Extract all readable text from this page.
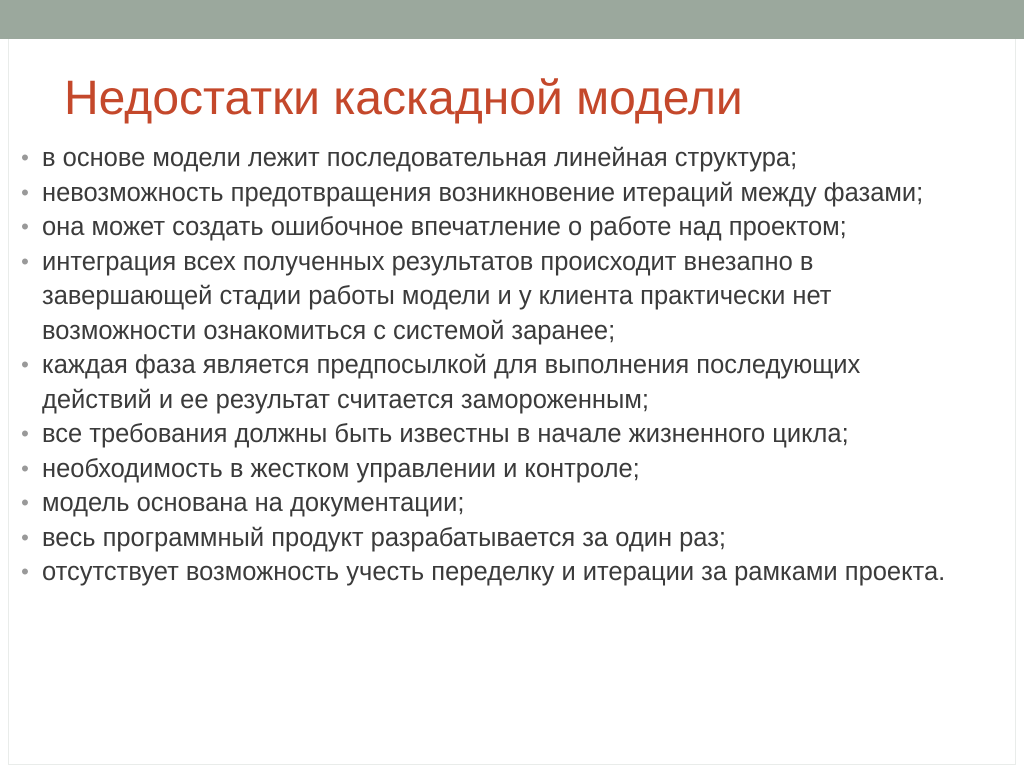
Недостатки каскадной модели
• в основе модели лежит последовательная линейная структура;
• невозможность предотвращения возникновение итераций между фазами;
• она может создать ошибочное впечатление о работе над проектом;
• интеграция всех полученных результатов происходит внезапно в завершающей стадии работы модели и у клиента практически нет возможности ознакомиться с системой заранее;
• каждая фаза является предпосылкой для выполнения последующих действий и ее результат считается замороженным;
• все требования должны быть известны в начале жизненного цикла;
• необходимость в жестком управлении и контроле;
• модель основана на документации;
• весь программный продукт разрабатывается за один раз;
• отсутствует возможность учесть переделку и итерации за рамками проекта.
